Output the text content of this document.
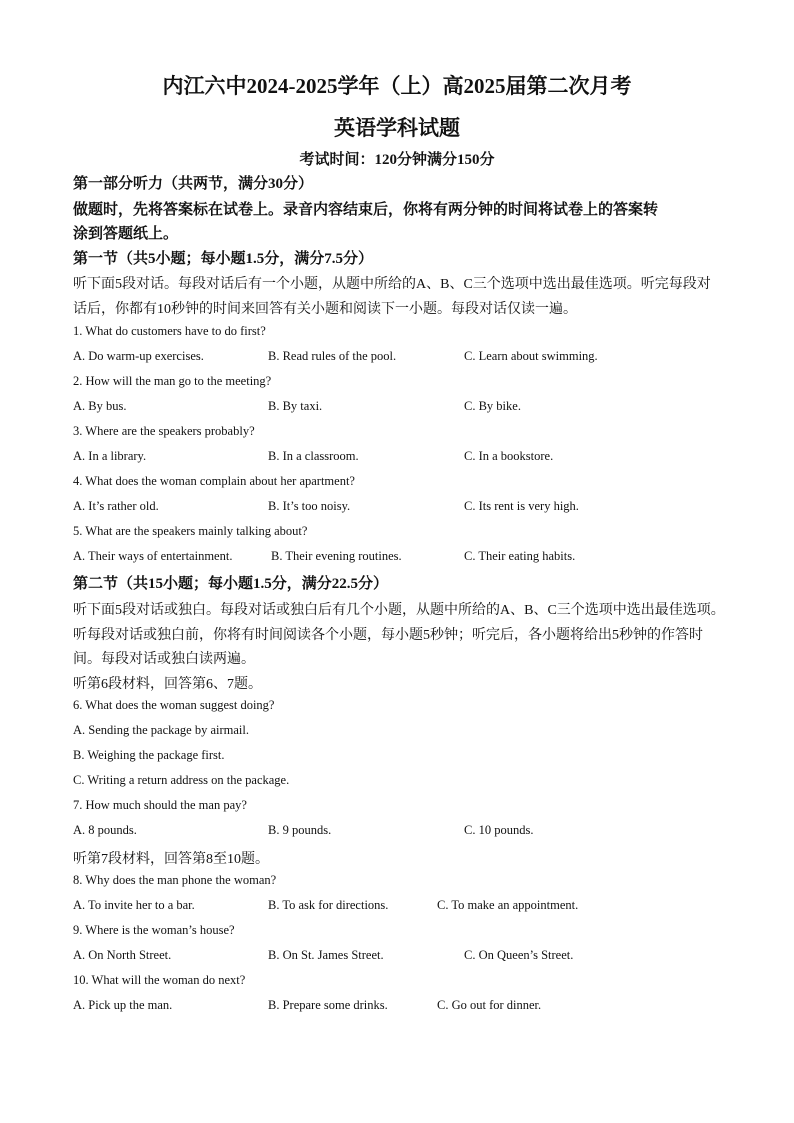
内江六中2024-2025学年（上）高2025届第二次月考
英语学科试题
考试时间：120分钟满分150分
第一部分听力（共两节，满分30分）
做题时，先将答案标在试卷上。录音内容结束后，你将有两分钟的时间将试卷上的答案转
涂到答题纸上。
第一节（共5小题；每小题1.5分，满分7.5分）
听下面5段对话。每段对话后有一个小题，从题中所给的A、B、C三个选项中选出最佳选项。听完每段对
话后，你都有10秒钟的时间来回答有关小题和阅读下一小题。每段对话仅读一遍。
1. What do customers have to do first?
A. Do warm-up exercises.	B. Read rules of the pool.	C. Learn about swimming.
2. How will the man go to the meeting?
A. By bus.	B. By taxi.	C. By bike.
3. Where are the speakers probably?
A. In a library.	B. In a classroom.	C. In a bookstore.
4. What does the woman complain about her apartment?
A. It’s rather old.	B. It’s too noisy.	C. Its rent is very high.
5. What are the speakers mainly talking about?
A. Their ways of entertainment.	B. Their evening routines.	C. Their eating habits.
第二节（共15小题；每小题1.5分，满分22.5分）
听下面5段对话或独白。每段对话或独白后有几个小题，从题中所给的A、B、C三个选项中选出最佳选项。
听每段对话或独白前，你将有时间阅读各个小题，每小题5秒钟；听完后，各小题将给出5秒钟的作答时
间。每段对话或独白读两遍。
听第6段材料，回答第6、7题。
6. What does the woman suggest doing?
A. Sending the package by airmail.
B. Weighing the package first.
C. Writing a return address on the package.
7. How much should the man pay?
A. 8 pounds.	B. 9 pounds.	C. 10 pounds.
听第7段材料，回答第8至10题。
8. Why does the man phone the woman?
A. To invite her to a bar.	B. To ask for directions.	C. To make an appointment.
9. Where is the woman’s house?
A. On North Street.	B. On St. James Street.	C. On Queen’s Street.
10. What will the woman do next?
A. Pick up the man.	B. Prepare some drinks.	C. Go out for dinner.
